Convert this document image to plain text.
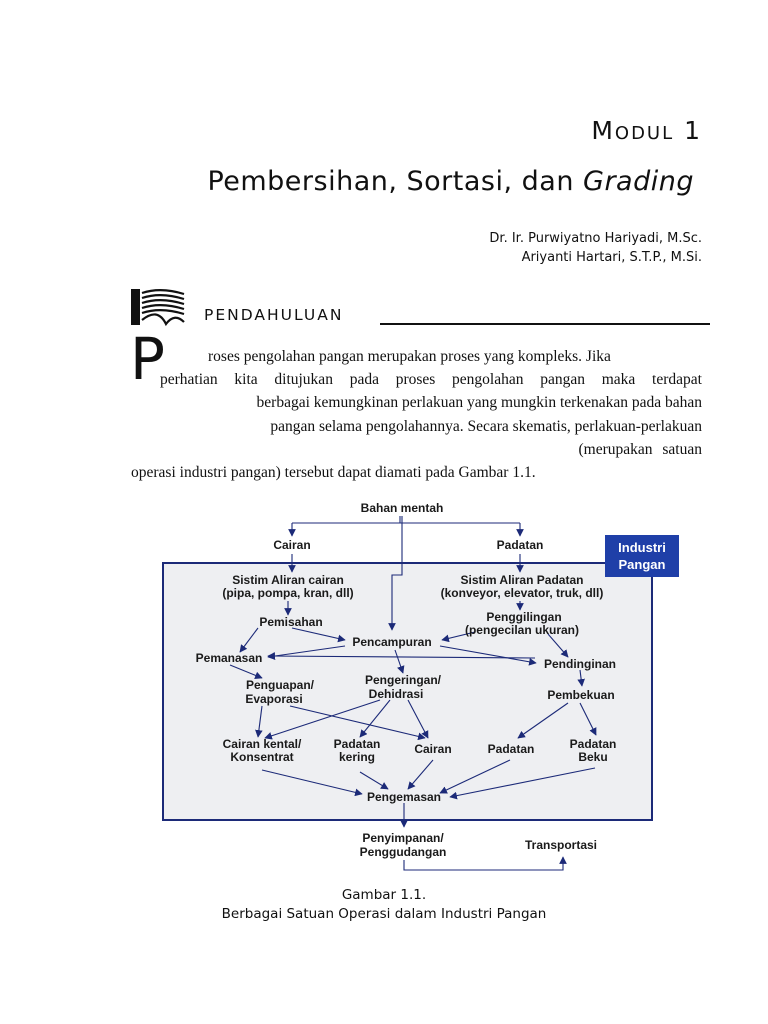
MODUL 1
Pembersihan, Sortasi, dan Grading
Dr. Ir. Purwiyatno Hariyadi, M.Sc.
Ariyanti Hartari, S.T.P., M.Si.
PENDAHULUAN
P	roses pengolahan pangan merupakan proses yang kompleks. Jika
perhatian kita ditujukan pada proses pengolahan pangan maka terdapat
berbagai kemungkinan perlakuan yang mungkin terkenakan pada bahan
pangan selama pengolahannya. Secara skematis, perlakuan-perlakuan
(merupakan satuan
operasi industri pangan) tersebut dapat diamati pada Gambar 1.1.
Industri
Pangan
Bahan mentah
Cairan	Padatan
Sistim Aliran cairan
(pipa, pompa, kran, dll)
Sistim Aliran Padatan
(konveyor, elevator, truk, dll)
Pemisahan	Penggilingan
(pengecilan ukuran)
Pencampuran
Pemanasan	Pendinginan
Penguapan/
Evaporasi
Pengeringan/
Dehidrasi	Pembekuan
Cairan kental/
Konsentrat
Padatan
kering
Cairan	Padatan	Padatan
Beku
Pengemasan
Penyimpanan/
Penggudangan	Transportasi
Gambar 1.1.
Berbagai Satuan Operasi dalam Industri Pangan
